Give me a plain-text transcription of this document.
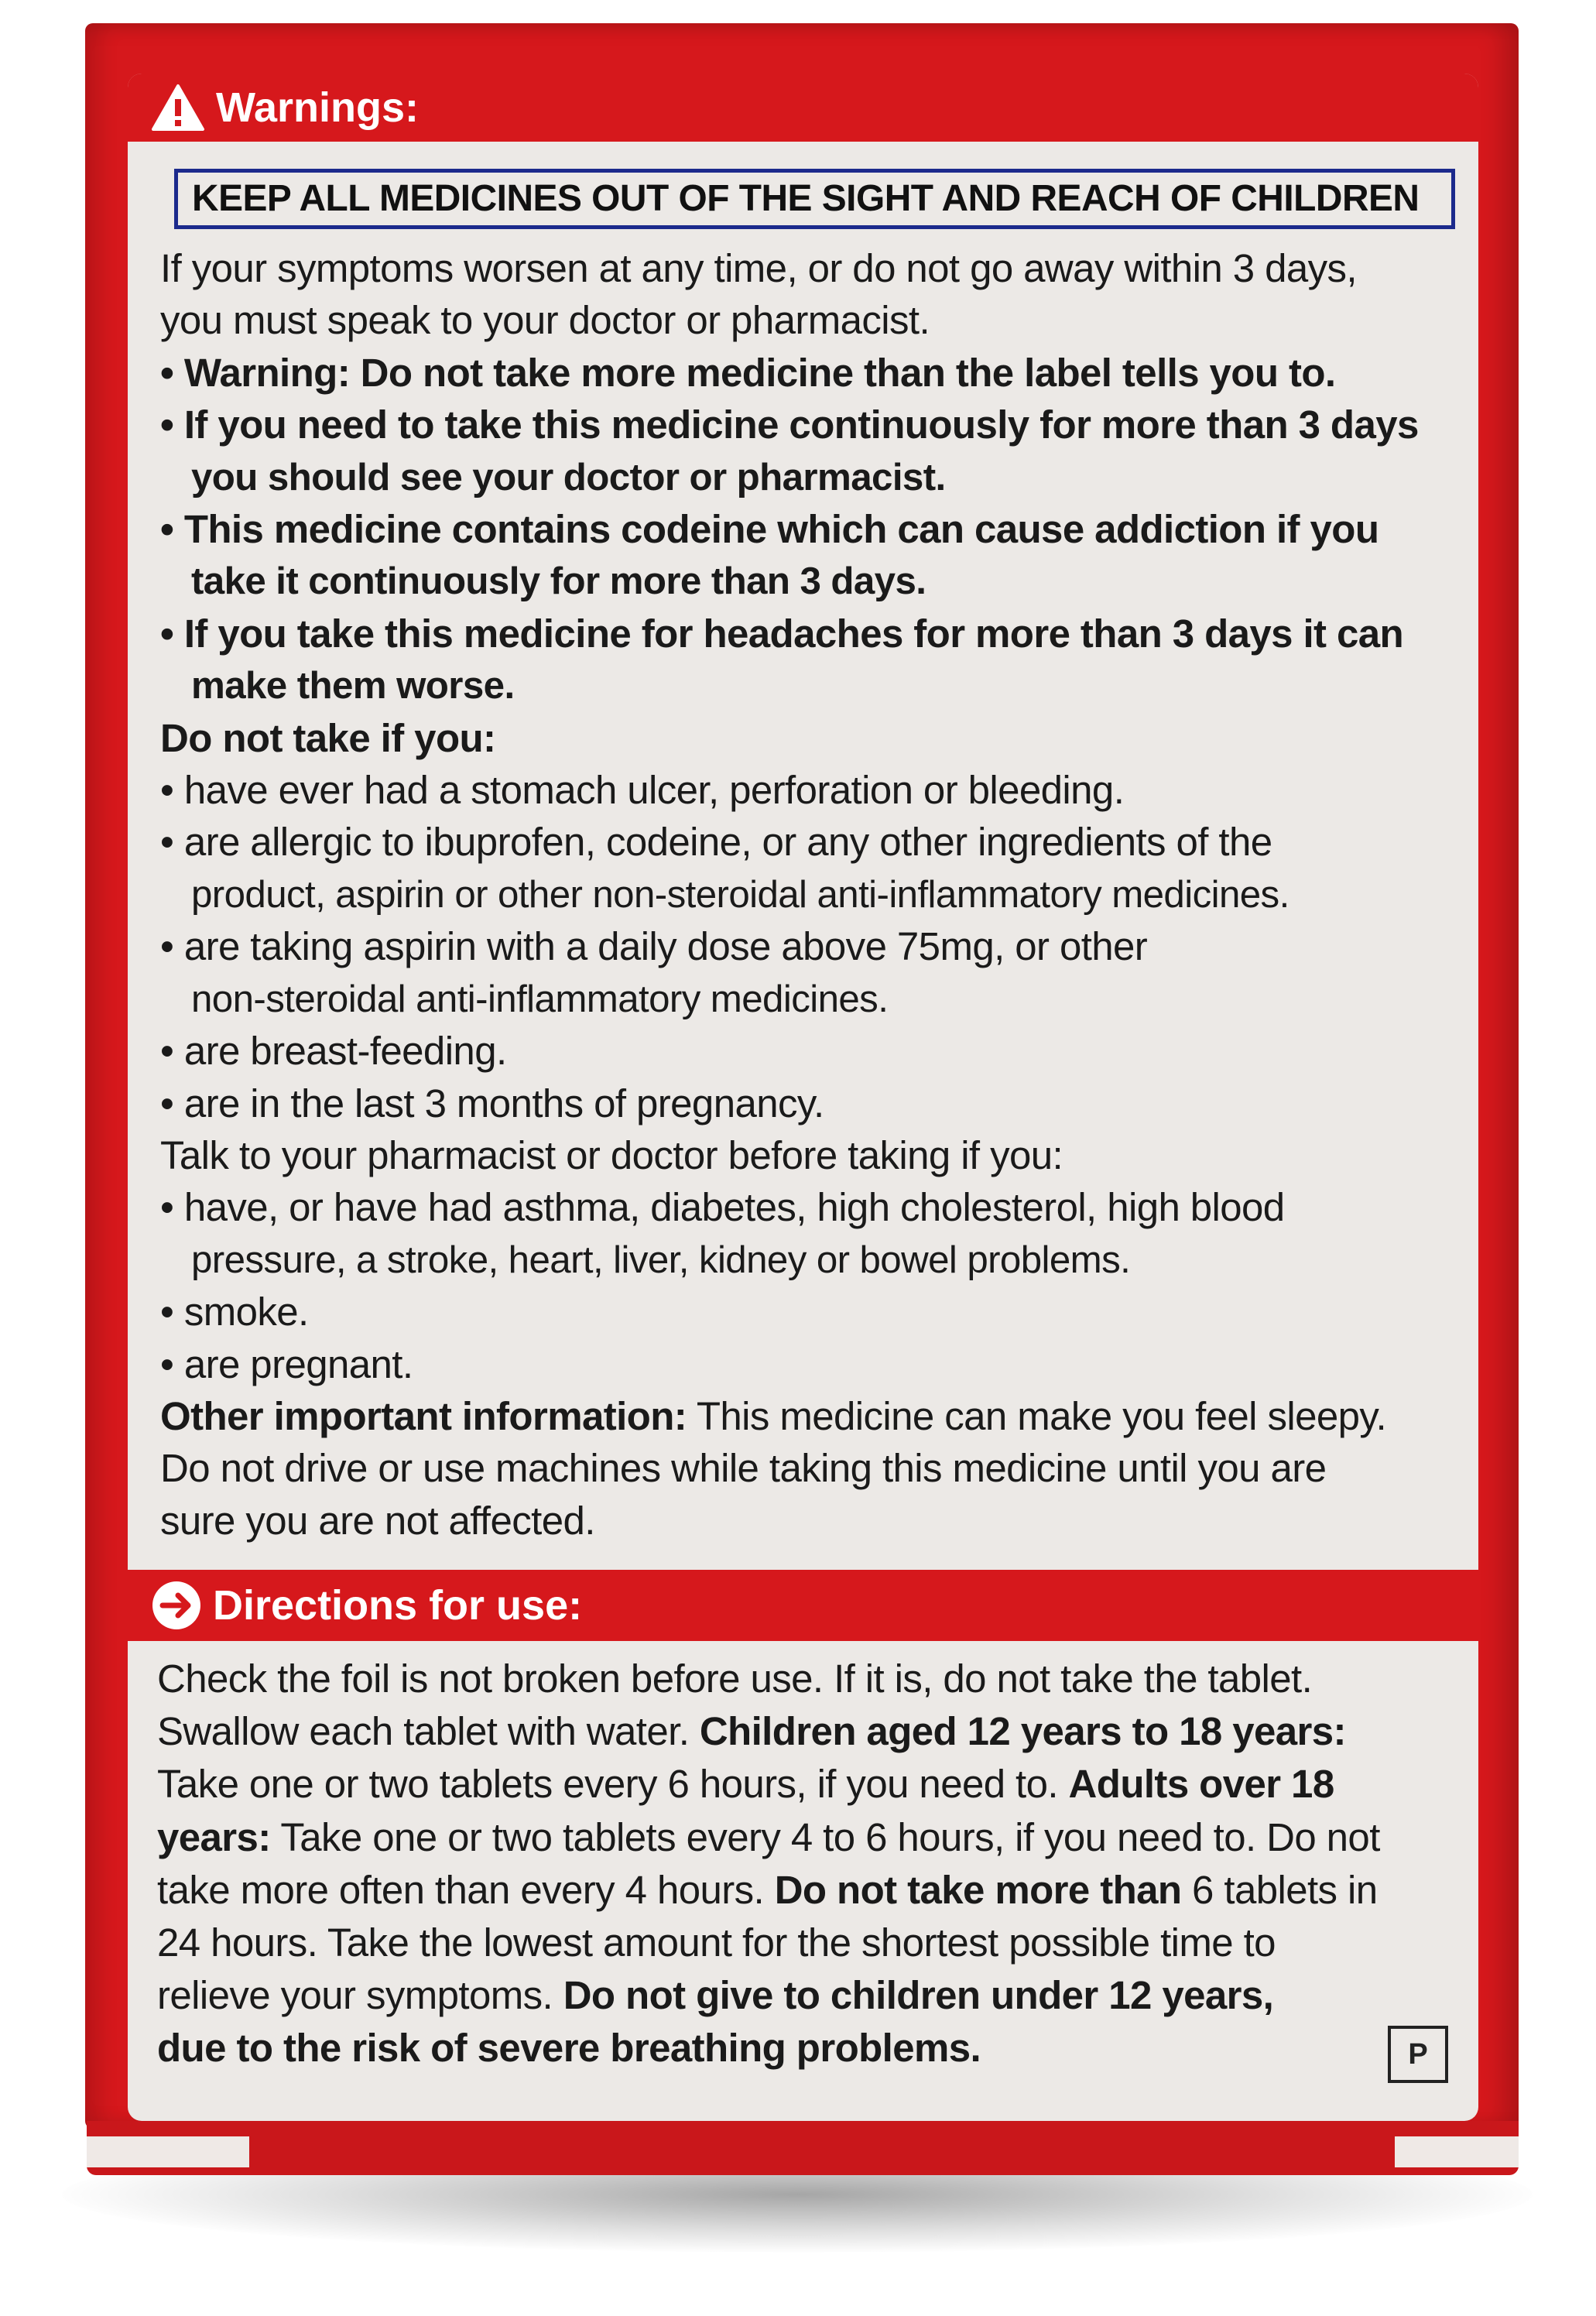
Warnings:
KEEP ALL MEDICINES OUT OF THE SIGHT AND REACH OF CHILDREN
If your symptoms worsen at any time, or do not go away within 3 days,
you must speak to your doctor or pharmacist.
• Warning: Do not take more medicine than the label tells you to.
• If you need to take this medicine continuously for more than 3 days
you should see your doctor or pharmacist.
• This medicine contains codeine which can cause addiction if you
take it continuously for more than 3 days.
• If you take this medicine for headaches for more than 3 days it can
make them worse.
Do not take if you:
• have ever had a stomach ulcer, perforation or bleeding.
• are allergic to ibuprofen, codeine, or any other ingredients of the
product, aspirin or other non-steroidal anti-inflammatory medicines.
• are taking aspirin with a daily dose above 75mg, or other
non-steroidal anti-inflammatory medicines.
• are breast-feeding.
• are in the last 3 months of pregnancy.
Talk to your pharmacist or doctor before taking if you:
• have, or have had asthma, diabetes, high cholesterol, high blood
pressure, a stroke, heart, liver, kidney or bowel problems.
• smoke.
• are pregnant.
Other important information: This medicine can make you feel sleepy.
Do not drive or use machines while taking this medicine until you are
sure you are not affected.
Directions for use:
Check the foil is not broken before use. If it is, do not take the tablet.
Swallow each tablet with water. Children aged 12 years to 18 years:
Take one or two tablets every 6 hours, if you need to. Adults over 18
years: Take one or two tablets every 4 to 6 hours, if you need to. Do not
take more often than every 4 hours. Do not take more than 6 tablets in
24 hours. Take the lowest amount for the shortest possible time to
relieve your symptoms. Do not give to children under 12 years,
due to the risk of severe breathing problems.	P
